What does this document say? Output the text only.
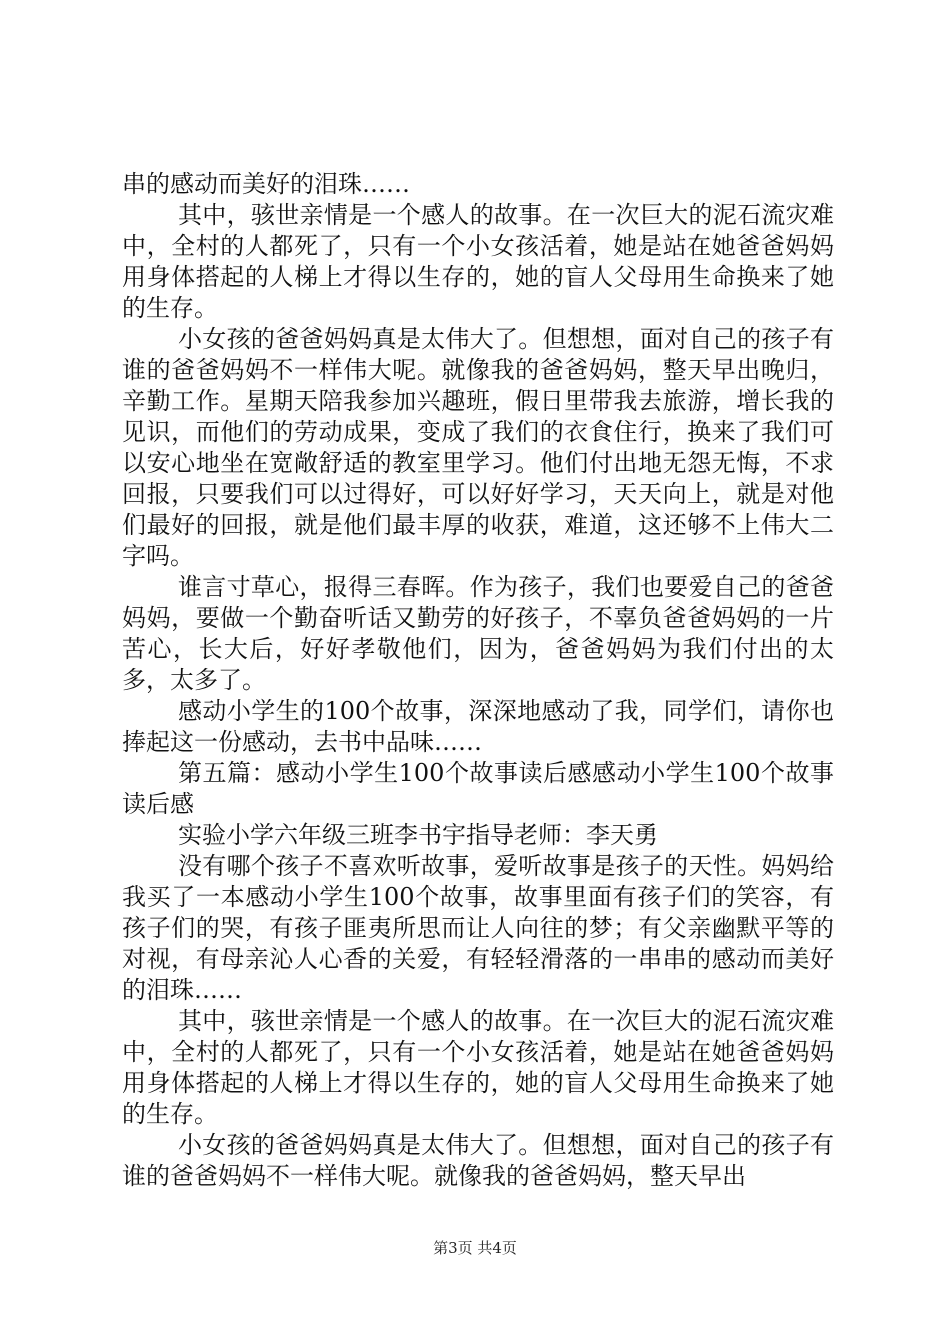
串的感动而美好的泪珠……

其中，骇世亲情是一个感人的故事。在一次巨大的泥石流灾难中，全村的人都死了，只有一个小女孩活着，她是站在她爸爸妈妈用身体搭起的人梯上才得以生存的，她的盲人父母用生命换来了她的生存。

小女孩的爸爸妈妈真是太伟大了。但想想，面对自己的孩子有谁的爸爸妈妈不一样伟大呢。就像我的爸爸妈妈，整天早出晚归，辛勤工作。星期天陪我参加兴趣班，假日里带我去旅游，增长我的见识，而他们的劳动成果，变成了我们的衣食住行，换来了我们可以安心地坐在宽敞舒适的教室里学习。他们付出地无怨无悔，不求回报，只要我们可以过得好，可以好好学习，天天向上，就是对他们最好的回报，就是他们最丰厚的收获，难道，这还够不上伟大二字吗。

谁言寸草心，报得三春晖。作为孩子，我们也要爱自己的爸爸妈妈，要做一个勤奋听话又勤劳的好孩子，不辜负爸爸妈妈的一片苦心，长大后，好好孝敬他们，因为，爸爸妈妈为我们付出的太多，太多了。

感动小学生的100个故事，深深地感动了我，同学们，请你也捧起这一份感动，去书中品味……

第五篇：感动小学生100个故事读后感感动小学生100个故事读后感

实验小学六年级三班李书宇指导老师：李天勇

没有哪个孩子不喜欢听故事，爱听故事是孩子的天性。妈妈给我买了一本感动小学生100个故事，故事里面有孩子们的笑容，有孩子们的哭，有孩子匪夷所思而让人向往的梦；有父亲幽默平等的对视，有母亲沁人心香的关爱，有轻轻滑落的一串串的感动而美好的泪珠……

其中，骇世亲情是一个感人的故事。在一次巨大的泥石流灾难中，全村的人都死了，只有一个小女孩活着，她是站在她爸爸妈妈用身体搭起的人梯上才得以生存的，她的盲人父母用生命换来了她的生存。

小女孩的爸爸妈妈真是太伟大了。但想想，面对自己的孩子有谁的爸爸妈妈不一样伟大呢。就像我的爸爸妈妈，整天早出

第3页 共4页
